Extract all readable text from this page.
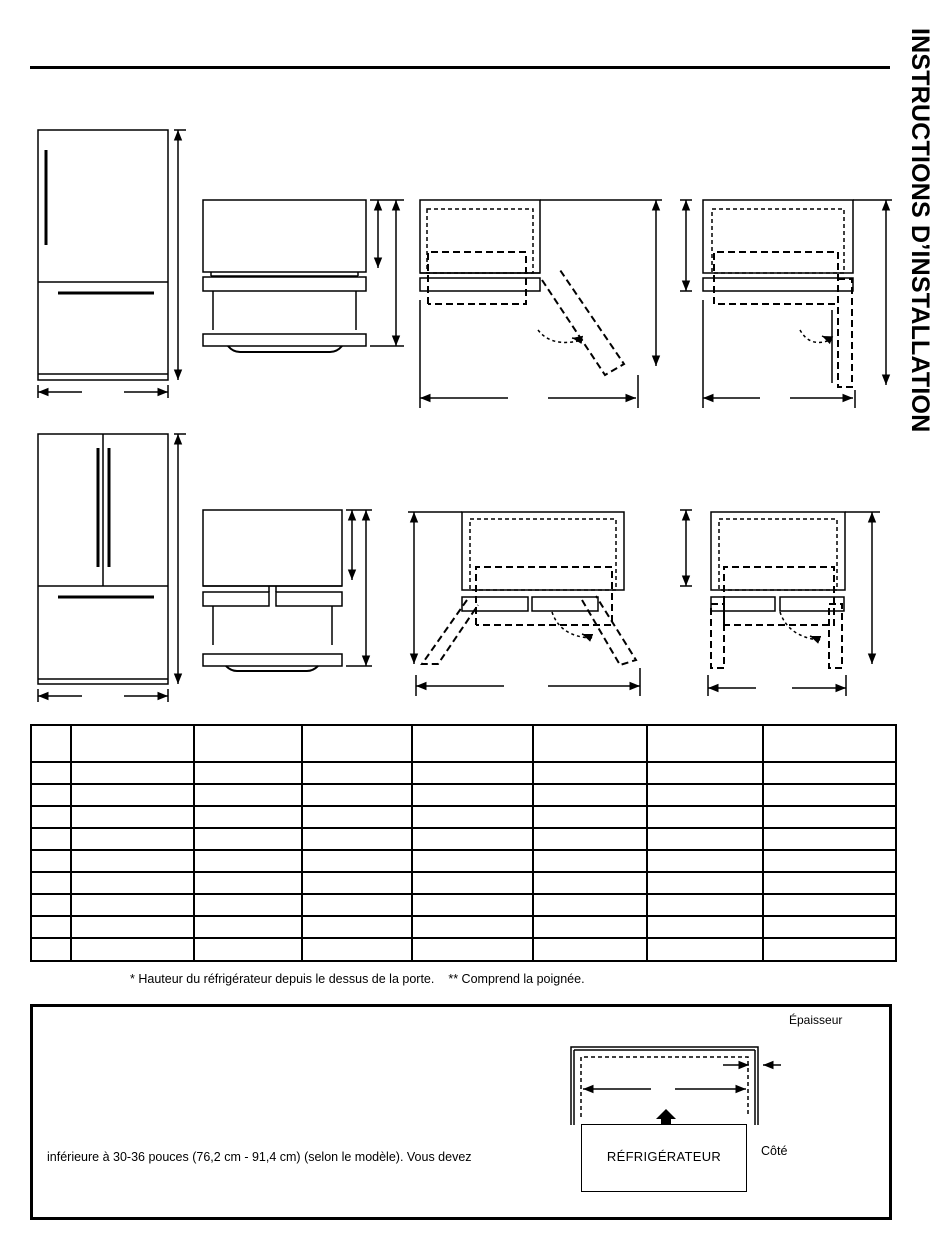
INSTRUCTIONS D’INSTALLATION

* Hauteur du réfrigérateur depuis le dessus de la porte. ** Comprend la poignée.
Épaisseur
RÉFRIGÉRATEUR	Côté
inférieure à 30-36 pouces (76,2 cm - 91,4 cm) (selon le modèle). Vous devez
